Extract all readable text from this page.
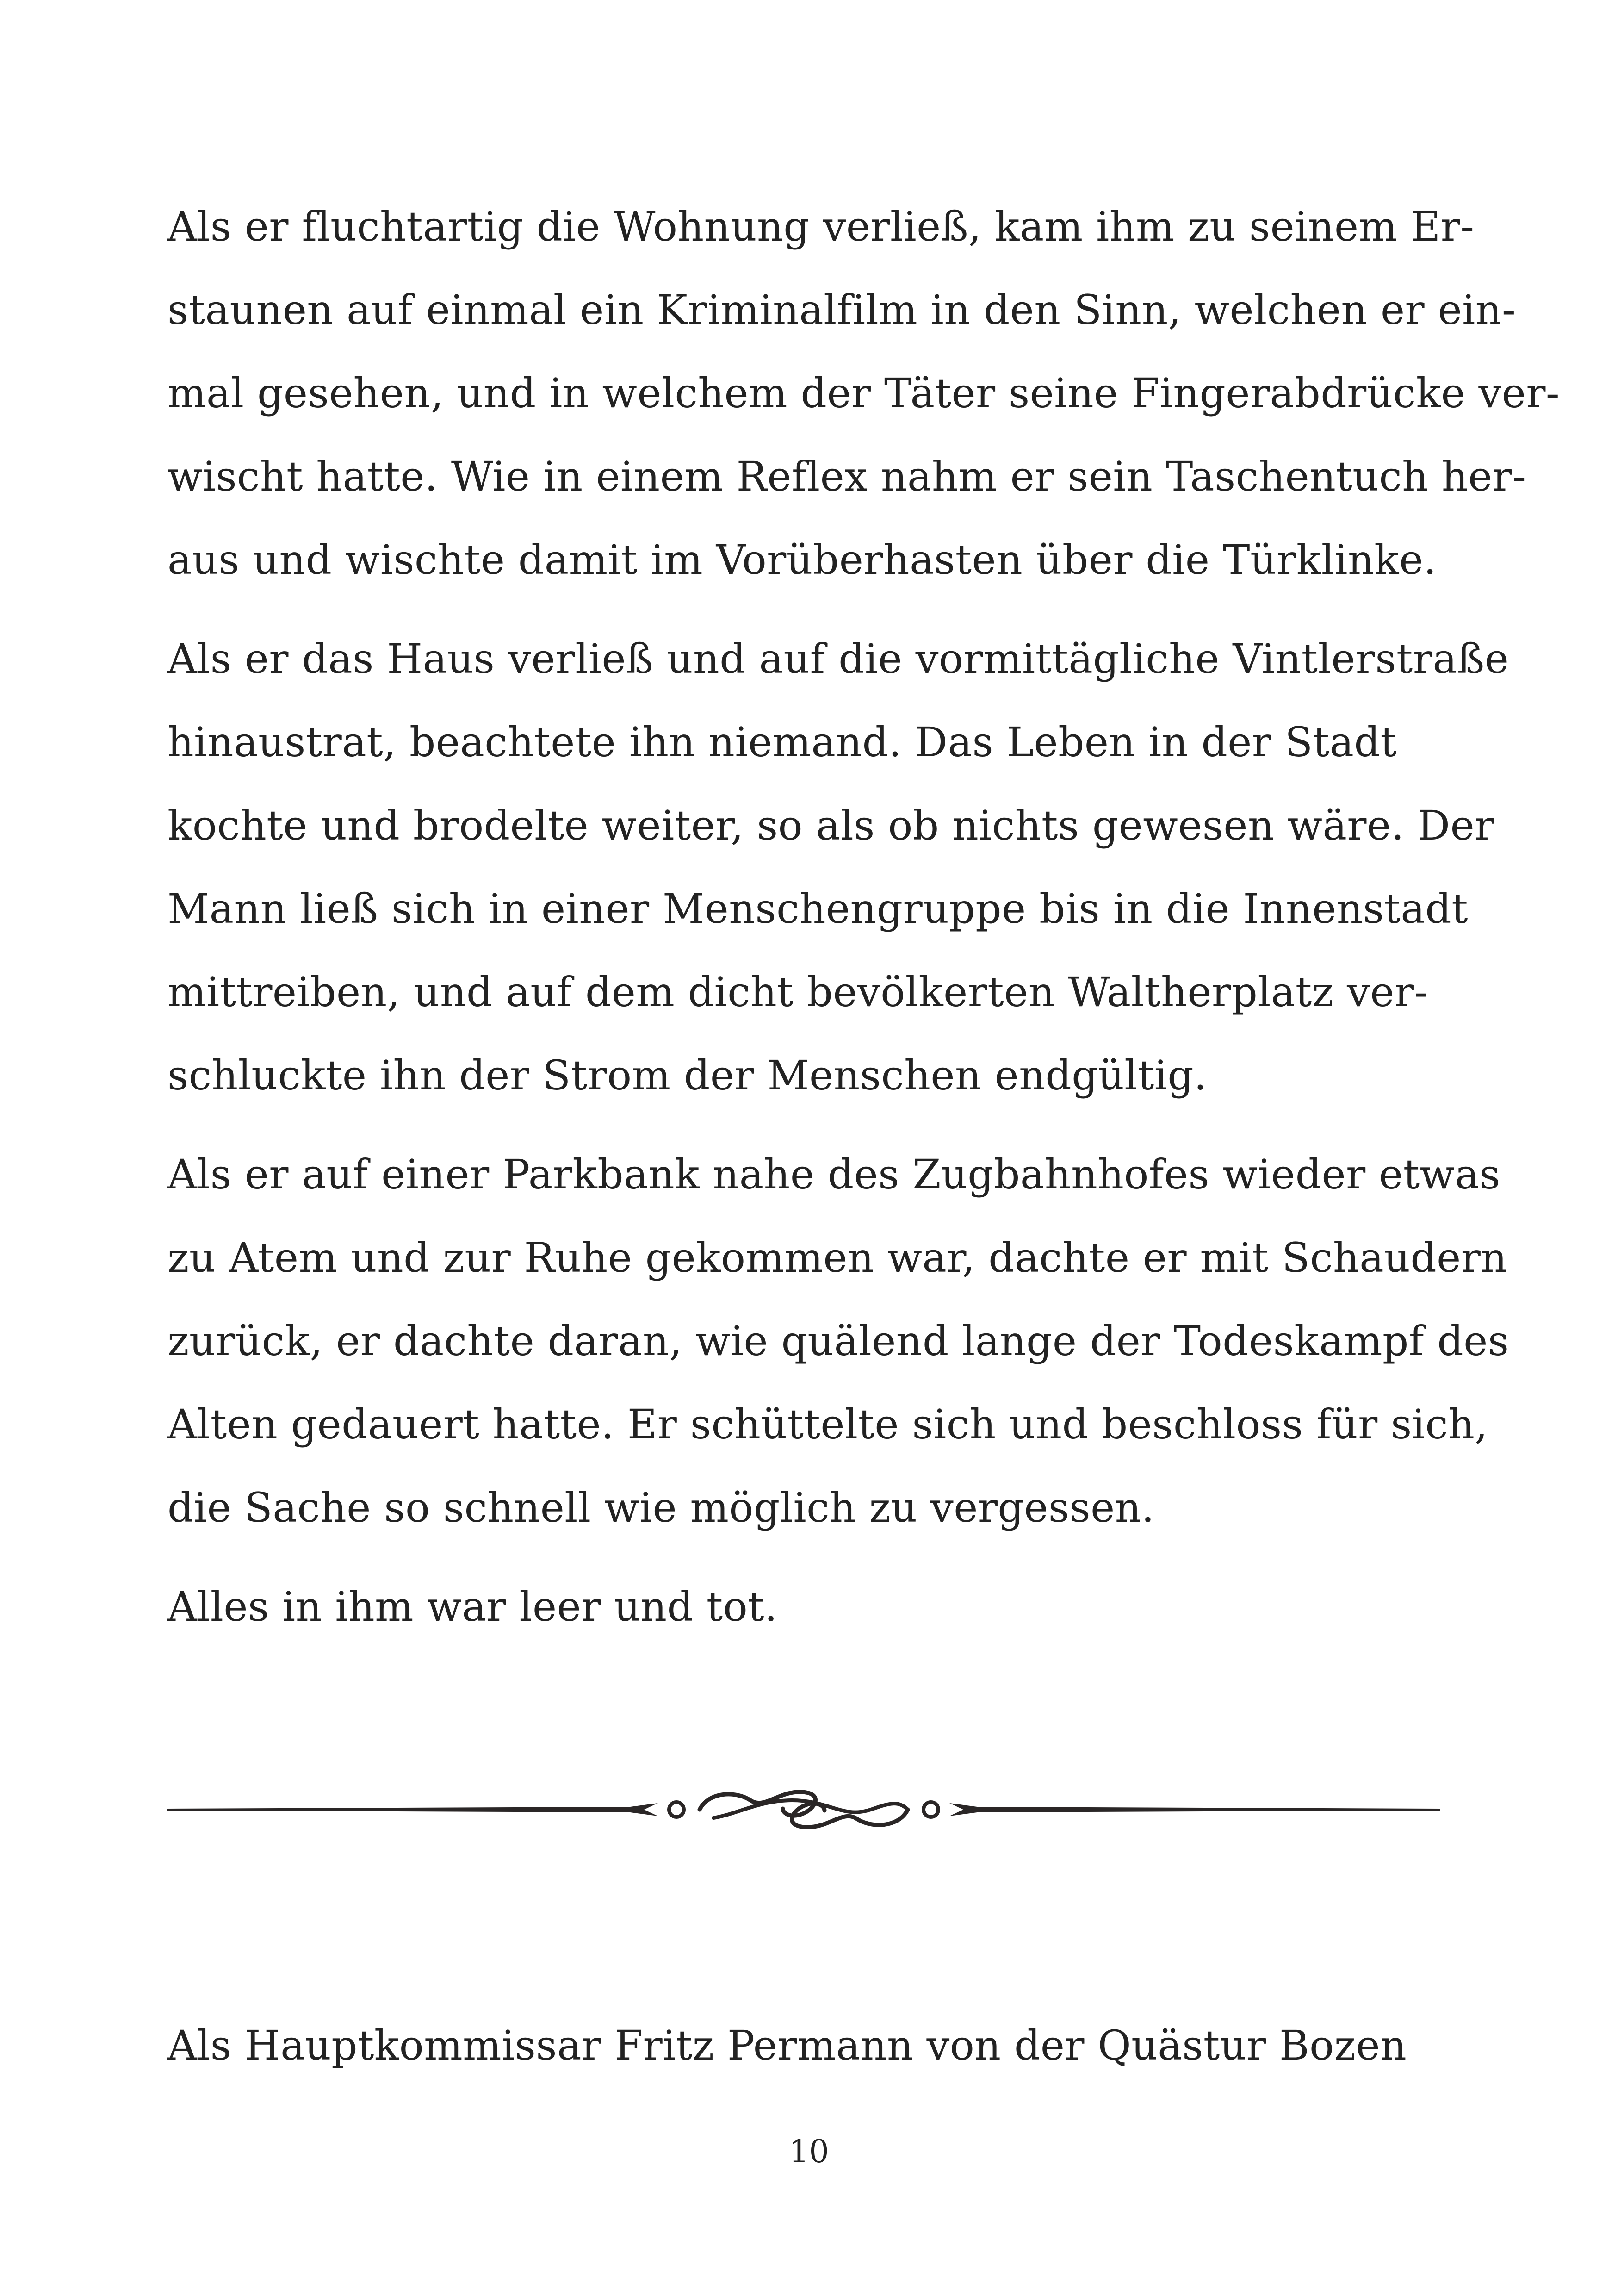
Als er fluchtartig die Wohnung verließ, kam ihm zu seinem Er-
staunen auf einmal ein Kriminalfilm in den Sinn, welchen er ein-
mal gesehen, und in welchem der Täter seine Fingerabdrücke ver-
wischt hatte. Wie in einem Reflex nahm er sein Taschentuch her-
aus und wischte damit im Vorüberhasten über die Türklinke.
Als er das Haus verließ und auf die vormittägliche Vintlerstraße
hinaustrat, beachtete ihn niemand. Das Leben in der Stadt
kochte und brodelte weiter, so als ob nichts gewesen wäre. Der
Mann ließ sich in einer Menschengruppe bis in die Innenstadt
mittreiben, und auf dem dicht bevölkerten Waltherplatz ver-
schluckte ihn der Strom der Menschen endgültig.
Als er auf einer Parkbank nahe des Zugbahnhofes wieder etwas
zu Atem und zur Ruhe gekommen war, dachte er mit Schaudern
zurück, er dachte daran, wie quälend lange der Todeskampf des
Alten gedauert hatte. Er schüttelte sich und beschloss für sich,
die Sache so schnell wie möglich zu vergessen.
Alles in ihm war leer und tot.
Als Hauptkommissar Fritz Permann von der Quästur Bozen
10
